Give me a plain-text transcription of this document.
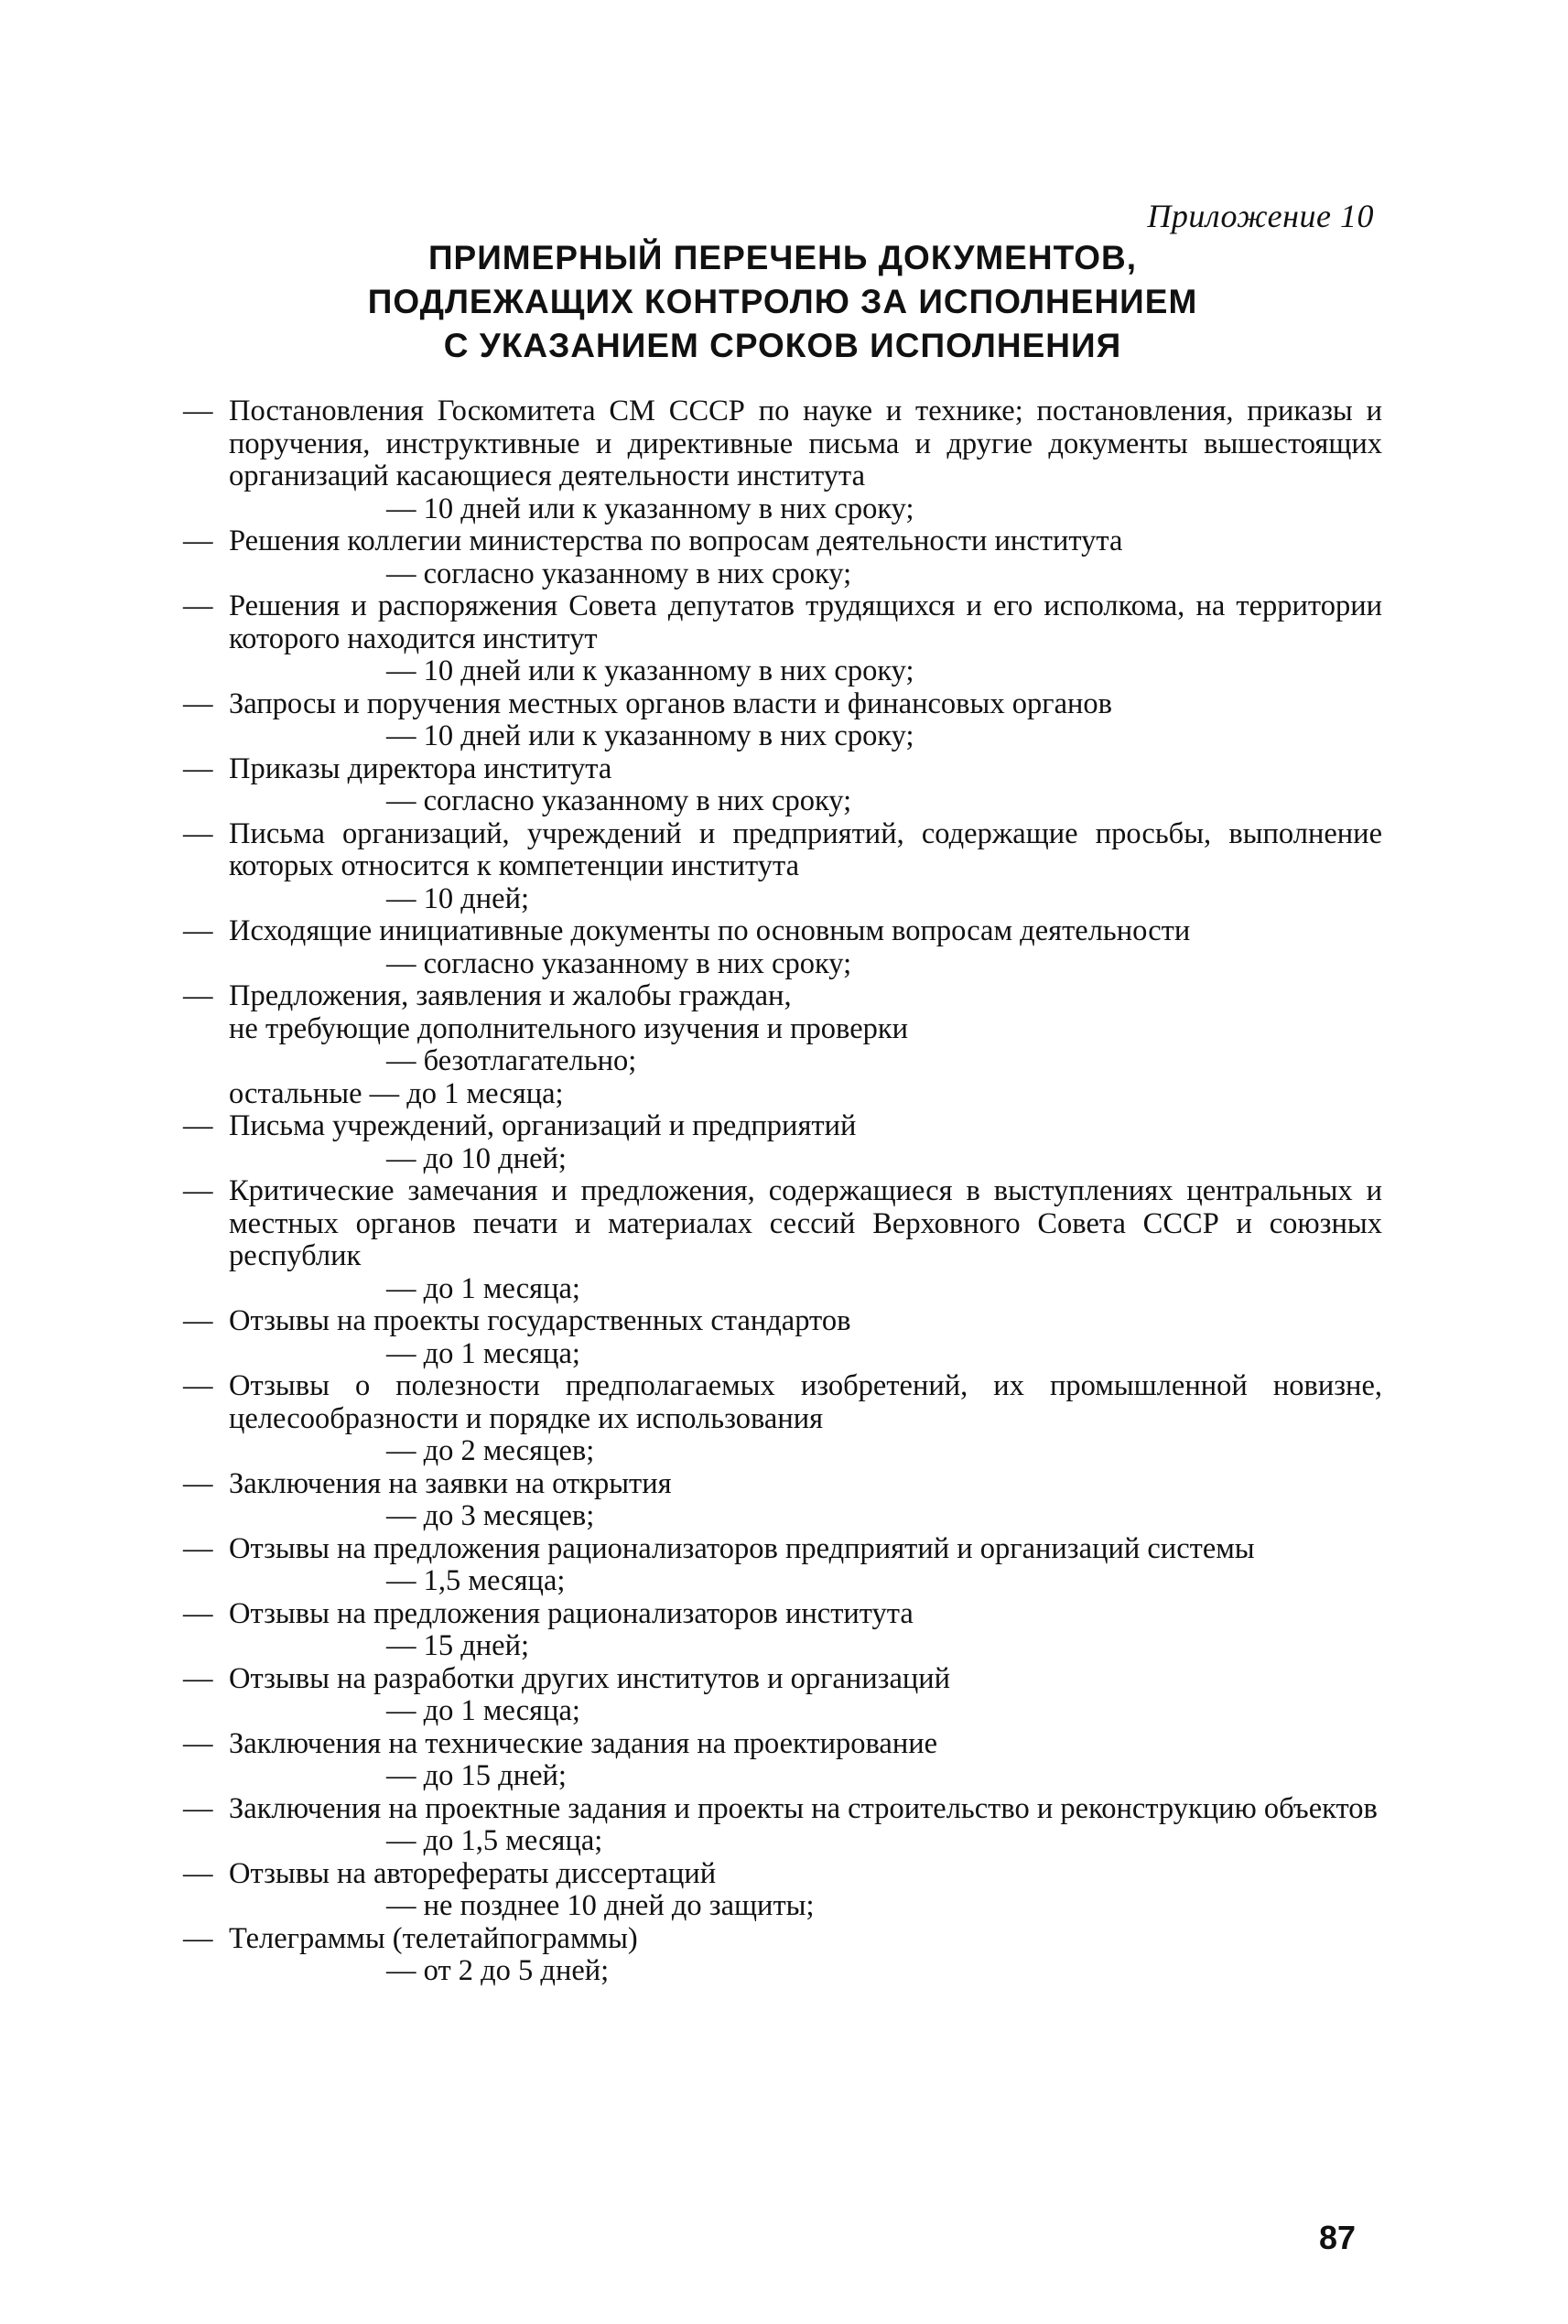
Приложение 10
ПРИМЕРНЫЙ ПЕРЕЧЕНЬ ДОКУМЕНТОВ,
ПОДЛЕЖАЩИХ КОНТРОЛЮ ЗА ИСПОЛНЕНИЕМ
С УКАЗАНИЕМ СРОКОВ ИСПОЛНЕНИЯ
— Постановления Госкомитета СМ СССР по науке и технике; постановления, приказы и поручения, инструктивные и директивные письма и другие документы вышестоящих организаций касающиеся деятельности института
— 10 дней или к указанному в них сроку;
— Решения коллегии министерства по вопросам деятельности института
— согласно указанному в них сроку;
— Решения и распоряжения Совета депутатов трудящихся и его исполкома, на территории которого находится институт
— 10 дней или к указанному в них сроку;
— Запросы и поручения местных органов власти и финансовых органов
— 10 дней или к указанному в них сроку;
— Приказы директора института
— согласно указанному в них сроку;
— Письма организаций, учреждений и предприятий, содержащие просьбы, выполнение которых относится к компетенции института
— 10 дней;
— Исходящие инициативные документы по основным вопросам деятельности
— согласно указанному в них сроку;
— Предложения, заявления и жалобы граждан,
не требующие дополнительного изучения и проверки
— безотлагательно;
остальные — до 1 месяца;
— Письма учреждений, организаций и предприятий
— до 10 дней;
— Критические замечания и предложения, содержащиеся в выступлениях центральных и местных органов печати и материалах сессий Верховного Совета СССР и союзных республик
— до 1 месяца;
— Отзывы на проекты государственных стандартов
— до 1 месяца;
— Отзывы о полезности предполагаемых изобретений, их промышленной новизне, целесообразности и порядке их использования
— до 2 месяцев;
— Заключения на заявки на открытия
— до 3 месяцев;
— Отзывы на предложения рационализаторов предприятий и организаций системы
— 1,5 месяца;
— Отзывы на предложения рационализаторов института
— 15 дней;
— Отзывы на разработки других институтов и организаций
— до 1 месяца;
— Заключения на технические задания на проектирование
— до 15 дней;
— Заключения на проектные задания и проекты на строительство и реконструкцию объектов
— до 1,5 месяца;
— Отзывы на авторефераты диссертаций
— не позднее 10 дней до защиты;
— Телеграммы (телетайпограммы)
— от 2 до 5 дней;
87
